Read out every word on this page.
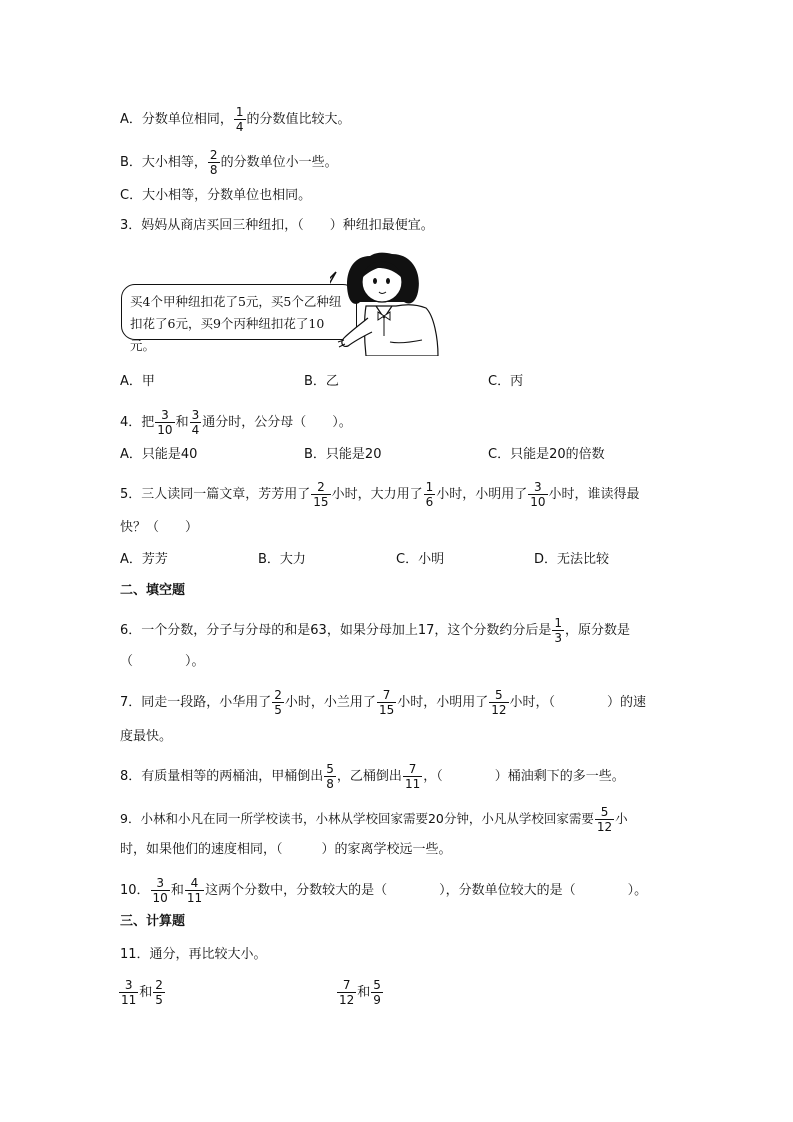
A．分数单位相同， $\frac{1}{4}$ 的分数值比较大。
B．大小相等， $\frac{2}{8}$ 的分数单位小一些。
C．大小相等，分数单位也相同。
3．妈妈从商店买回三种纽扣，（　　）种纽扣最便宜。
买4个甲种纽扣花了5元，买5个乙种纽
扣花了6元，买9个丙种纽扣花了10元。
A．甲	B．乙	C．丙
4．把 $\frac{3}{10}$ 和 $\frac{3}{4}$ 通分时，公分母（　　）。
A．只能是40	B．只能是20	C．只能是20的倍数
5．三人读同一篇文章，芳芳用了 $\frac{2}{15}$ 小时，大力用了 $\frac{1}{6}$ 小时，小明用了 $\frac{3}{10}$ 小时，谁读得最
快？（　　）
A．芳芳	B．大力	C．小明	D．无法比较
二、填空题
6．一个分数，分子与分母的和是63，如果分母加上17，这个分数约分后是 $\frac{1}{3}$ ，原分数是
（　　　　）。
7．同走一段路，小华用了 $\frac{2}{5}$ 小时，小兰用了 $\frac{7}{15}$ 小时，小明用了 $\frac{5}{12}$ 小时，（　　　　）的速
度最快。
8．有质量相等的两桶油，甲桶倒出 $\frac{5}{8}$ ，乙桶倒出 $\frac{7}{11}$ ，（　　　　）桶油剩下的多一些。
9．小林和小凡在同一所学校读书，小林从学校回家需要20分钟，小凡从学校回家需要 $\frac{5}{12}$ 小
时，如果他们的速度相同，（　　　）的家离学校远一些。
10． $\frac{3}{10}$ 和 $\frac{4}{11}$ 这两个分数中，分数较大的是（　　　　），分数单位较大的是（　　　　）。
三、计算题
11．通分，再比较大小。
$\frac{3}{11}$ 和 $\frac{2}{5}$	$\frac{7}{12}$ 和 $\frac{5}{9}$
